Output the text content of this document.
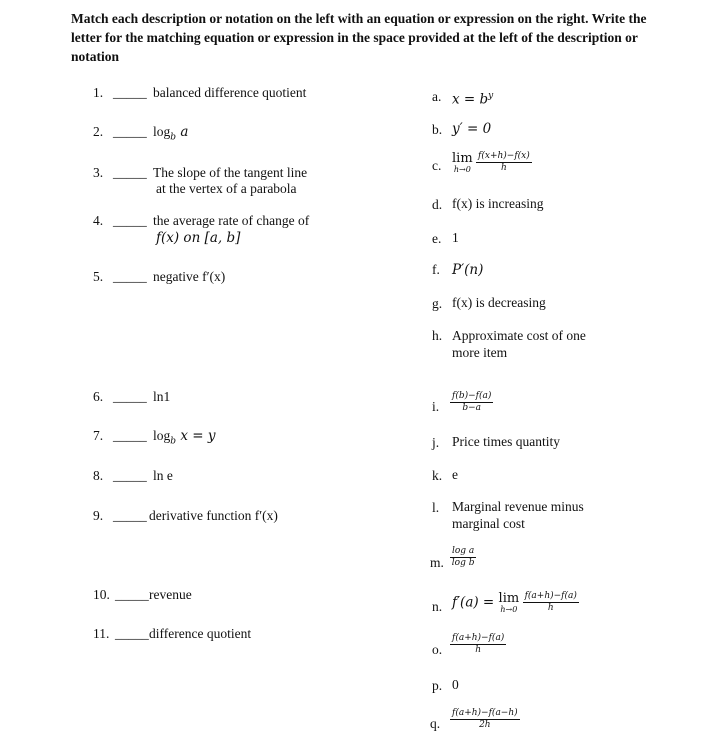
Match each description or notation on the left with an equation or expression on the right. Write the letter for the matching equation or expression in the space provided at the left of the description or notation
1. _____ balanced difference quotient
2. _____ $\log_b a$
3. _____ The slope of the tangent line
at the vertex of a parabola
4. _____ the average rate of change of
f(x) on [a, b]
5. _____ negative f′(x)
6. _____ ln1
7. _____ $\log_b x = y$
8. _____ ln e
9. _____ derivative function f′(x)
10. _____ revenue
11. _____ difference quotient
a. $x = b^y$
b. y′ = 0
c. lim
h→0
$\frac{f(x+h)-f(x)}{h}$
d. f(x) is increasing
e. 1
f. P′(n)
g. f(x) is decreasing
h. Approximate cost of one
more item
i. $\frac{f(b)-f(a)}{b-a}$
j. Price times quantity
k. e
l. Marginal revenue minus
marginal cost
m. $\frac{\text{log a}}{\text{log b}}$
n. f′(a) = lim
h→0
$\frac{f(a+h)-f(a)}{h}$
o. $\frac{f(a+h)-f(a)}{h}$
p. 0
q. $\frac{f(a+h)-f(a-h)}{2h}$
